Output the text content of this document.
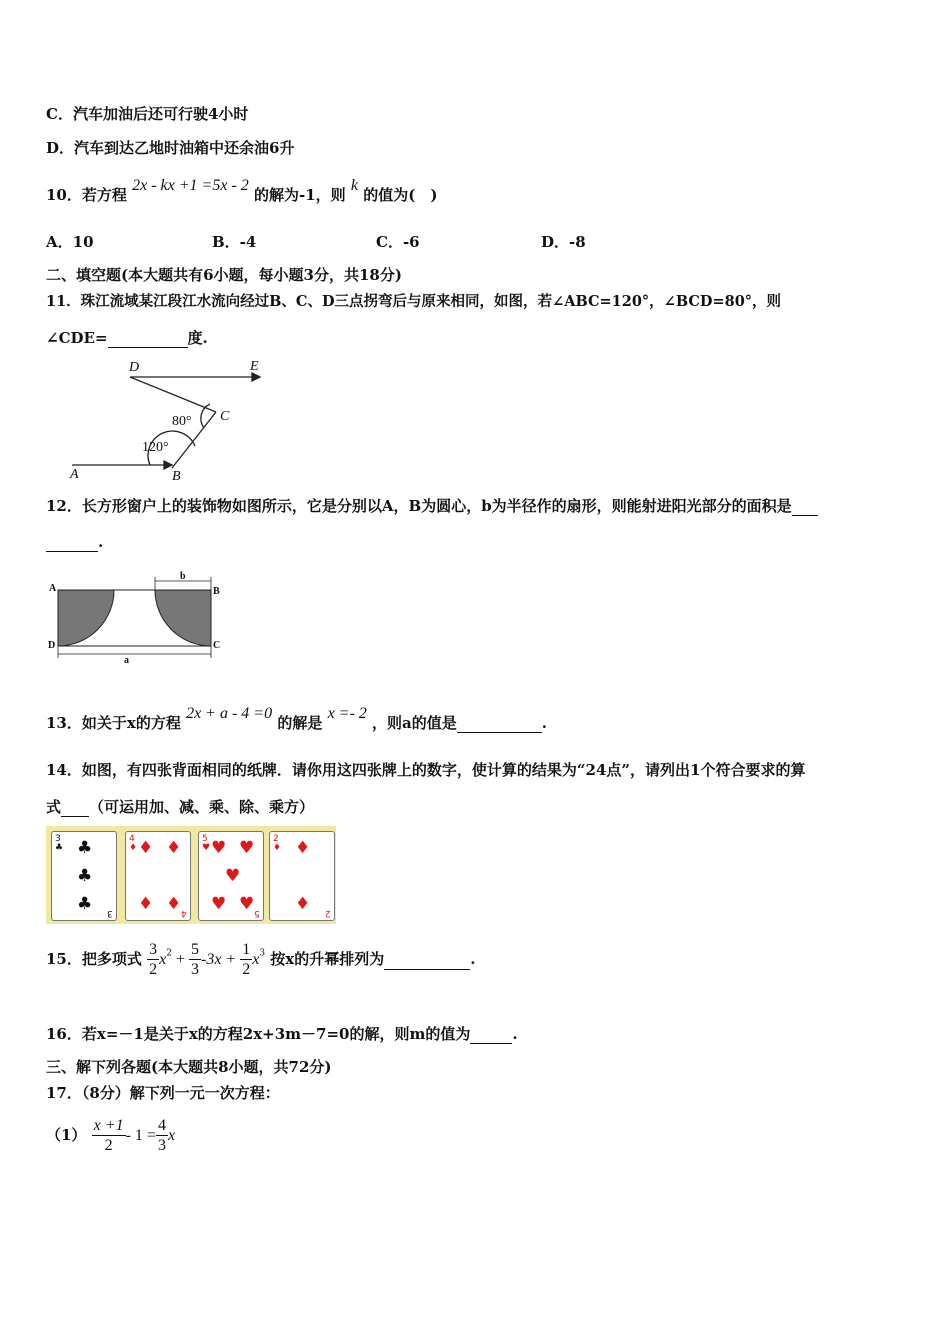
C．汽车加油后还可行驶4小时
D．汽车到达乙地时油箱中还余油6升
10．若方程 2x - kx +1 =5x - 2 的解为-1，则 k 的值为(　)
A．10	B．-4	C．-6	D．-8
二、填空题(本大题共有6小题，每小题3分，共18分)
11．珠江流域某江段江水流向经过B、C、D三点拐弯后与原来相同，如图，若∠ABC=120°，∠BCD=80°，则
∠CDE=	度.
D	E
C
A	B
80°
120°
12．长方形窗户上的装饰物如图所示，它是分别以A，B为圆心，b为半径作的扇形，则能射进阳光部分的面积是
.
A	B
C
D
a
b
13．如关于x的方程 2x + a - 4 =0 的解是 x =- 2 ，则a的值是	.
14．如图，有四张背面相同的纸牌．请你用这四张牌上的数字，使计算的结果为“24点”，请列出1个符合要求的算
式 （可运用加、减、乘、除、乘方）
3
♣ ♣
♣
♣ 3
4
♦ ♦ ♦
♦ ♦ 4
5
♥ ♥ ♥
♥
♥ ♥ 5
2
♦ ♦
♦ 2
15．把多项式 $\frac{3}{2} x^2 + \frac{5}{3} -3x + \frac{1}{2} x^3$ 按x的升幂排列为	.
16．若x=－1是关于x的方程2x+3m－7=0的解，则m的值为	.
三、解下列各题(本大题共8小题，共72分)
17．（8分）解下列一元一次方程：
$(1) \frac{x +1}{2} - 1 = \frac{4}{3}$ x
